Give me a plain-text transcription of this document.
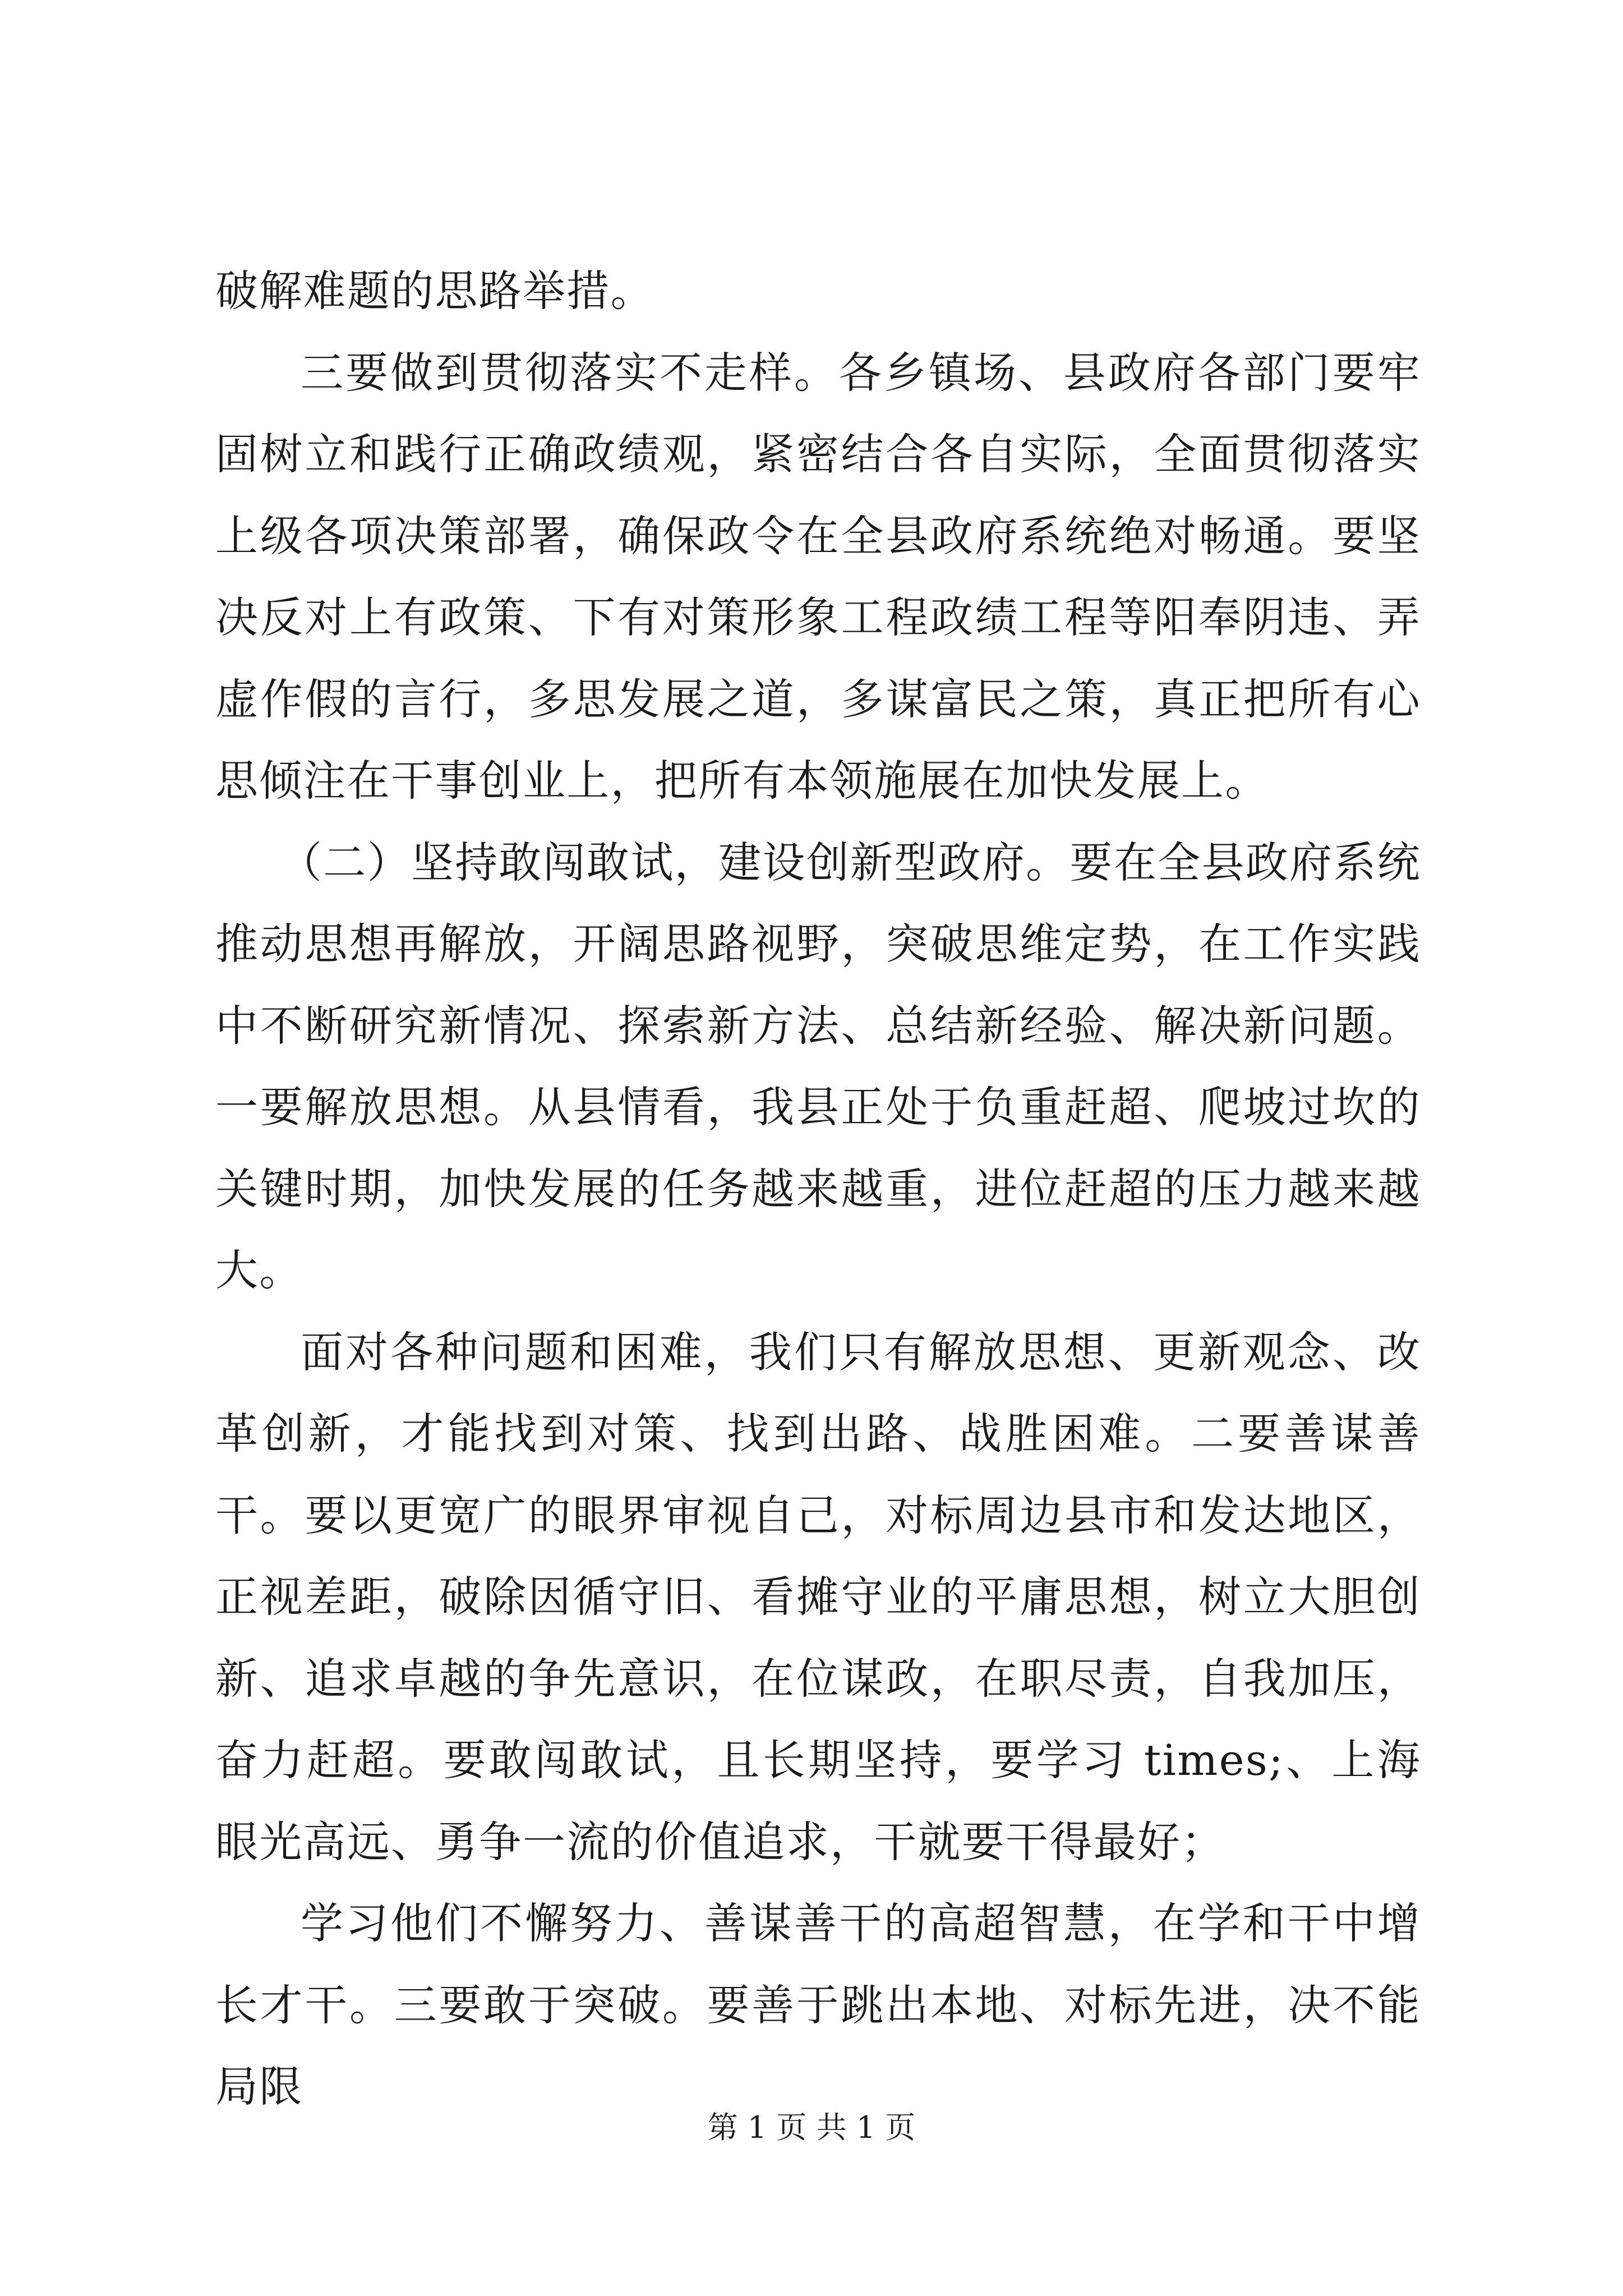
破解难题的思路举措。

三要做到贯彻落实不走样。各乡镇场、县政府各部门要牢固树立和践行正确政绩观，紧密结合各自实际，全面贯彻落实上级各项决策部署，确保政令在全县政府系统绝对畅通。要坚决反对上有政策、下有对策形象工程政绩工程等阳奉阴违、弄虚作假的言行，多思发展之道，多谋富民之策，真正把所有心思倾注在干事创业上，把所有本领施展在加快发展上。

（二）坚持敢闯敢试，建设创新型政府。要在全县政府系统推动思想再解放，开阔思路视野，突破思维定势，在工作实践中不断研究新情况、探索新方法、总结新经验、解决新问题。一要解放思想。从县情看，我县正处于负重赶超、爬坡过坎的关键时期，加快发展的任务越来越重，进位赶超的压力越来越大。

面对各种问题和困难，我们只有解放思想、更新观念、改革创新，才能找到对策、找到出路、战胜困难。二要善谋善干。要以更宽广的眼界审视自己，对标周边县市和发达地区，正视差距，破除因循守旧、看摊守业的平庸思想，树立大胆创新、追求卓越的争先意识，在位谋政，在职尽责，自我加压，奋力赶超。要敢闯敢试，且长期坚持，要学习 times;、上海眼光高远、勇争一流的价值追求，干就要干得最好；

学习他们不懈努力、善谋善干的高超智慧，在学和干中增长才干。三要敢于突破。要善于跳出本地、对标先进，决不能局限

第 1 页 共 1 页
